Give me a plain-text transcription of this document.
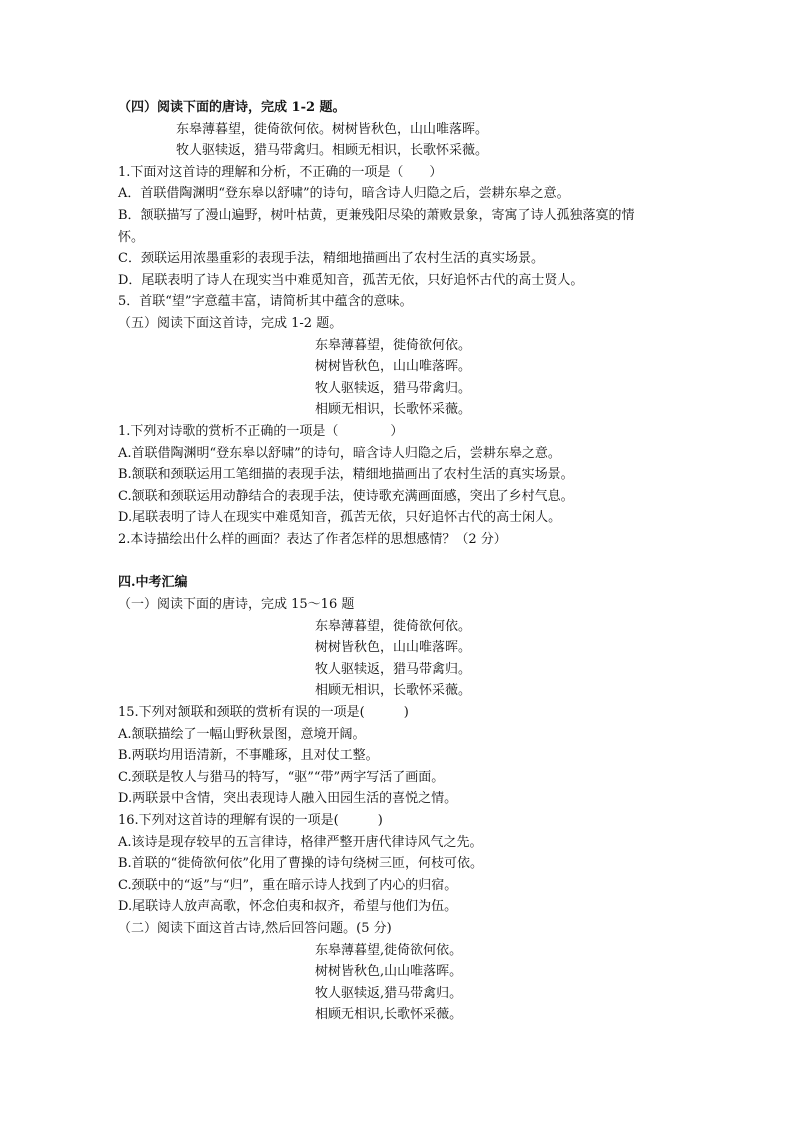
（四）阅读下面的唐诗，完成 1-2 题。
东皋薄暮望，徙倚欲何依。树树皆秋色，山山唯落晖。
牧人驱犊返，猎马带禽归。相顾无相识，长歌怀采薇。
1.下面对这首诗的理解和分析，不正确的一项是（　　）
A．首联借陶渊明“登东皋以舒啸”的诗句，暗含诗人归隐之后，尝耕东皋之意。
B．颔联描写了漫山遍野，树叶枯黄，更兼残阳尽染的萧败景象，寄寓了诗人孤独落寞的情
怀。
C．颈联运用浓墨重彩的表现手法，精细地描画出了农村生活的真实场景。
D．尾联表明了诗人在现实当中难觅知音，孤苦无依，只好追怀古代的高士贤人。
5．首联“望”字意蕴丰富，请简析其中蕴含的意味。
（五）阅读下面这首诗，完成 1-2 题。
东皋薄暮望，徙倚欲何依。
树树皆秋色，山山唯落晖。
牧人驱犊返，猎马带禽归。
相顾无相识，长歌怀采薇。
1.下列对诗歌的赏析不正确的一项是（　　　　）
A.首联借陶渊明“登东皋以舒啸”的诗句，暗含诗人归隐之后，尝耕东皋之意。
B.颔联和颈联运用工笔细描的表现手法，精细地描画出了农村生活的真实场景。
C.颔联和颈联运用动静结合的表现手法，使诗歌充满画面感，突出了乡村气息。
D.尾联表明了诗人在现实中难觅知音，孤苦无依，只好追怀古代的高士闲人。
2.本诗描绘出什么样的画面？表达了作者怎样的思想感情？（2 分）
四.中考汇编
（一）阅读下面的唐诗，完成 15～16 题
东皋薄暮望，徙倚欲何依。
树树皆秋色，山山唯落晖。
牧人驱犊返，猎马带禽归。
相顾无相识，长歌怀采薇。
15.下列对颔联和颈联的赏析有误的一项是(　　　)
A.颔联描绘了一幅山野秋景图，意境开阔。
B.两联均用语清新，不事雕琢，且对仗工整。
C.颈联是牧人与猎马的特写，“驱”“带”两字写活了画面。
D.两联景中含情，突出表现诗人融入田园生活的喜悦之情。
16.下列对这首诗的理解有误的一项是(　　　)
A.该诗是现存较早的五言律诗，格律严整开唐代律诗风气之先。
B.首联的“徙倚欲何依”化用了曹操的诗句绕树三匝，何枝可依。
C.颈联中的“返”与“归”，重在暗示诗人找到了内心的归宿。
D.尾联诗人放声高歌，怀念伯夷和叔齐，希望与他们为伍。
（二）阅读下面这首古诗,然后回答问题。(5 分)
东皋薄暮望,徙倚欲何依。
树树皆秋色,山山唯落晖。
牧人驱犊返,猎马带禽归。
相顾无相识,长歌怀采薇。
